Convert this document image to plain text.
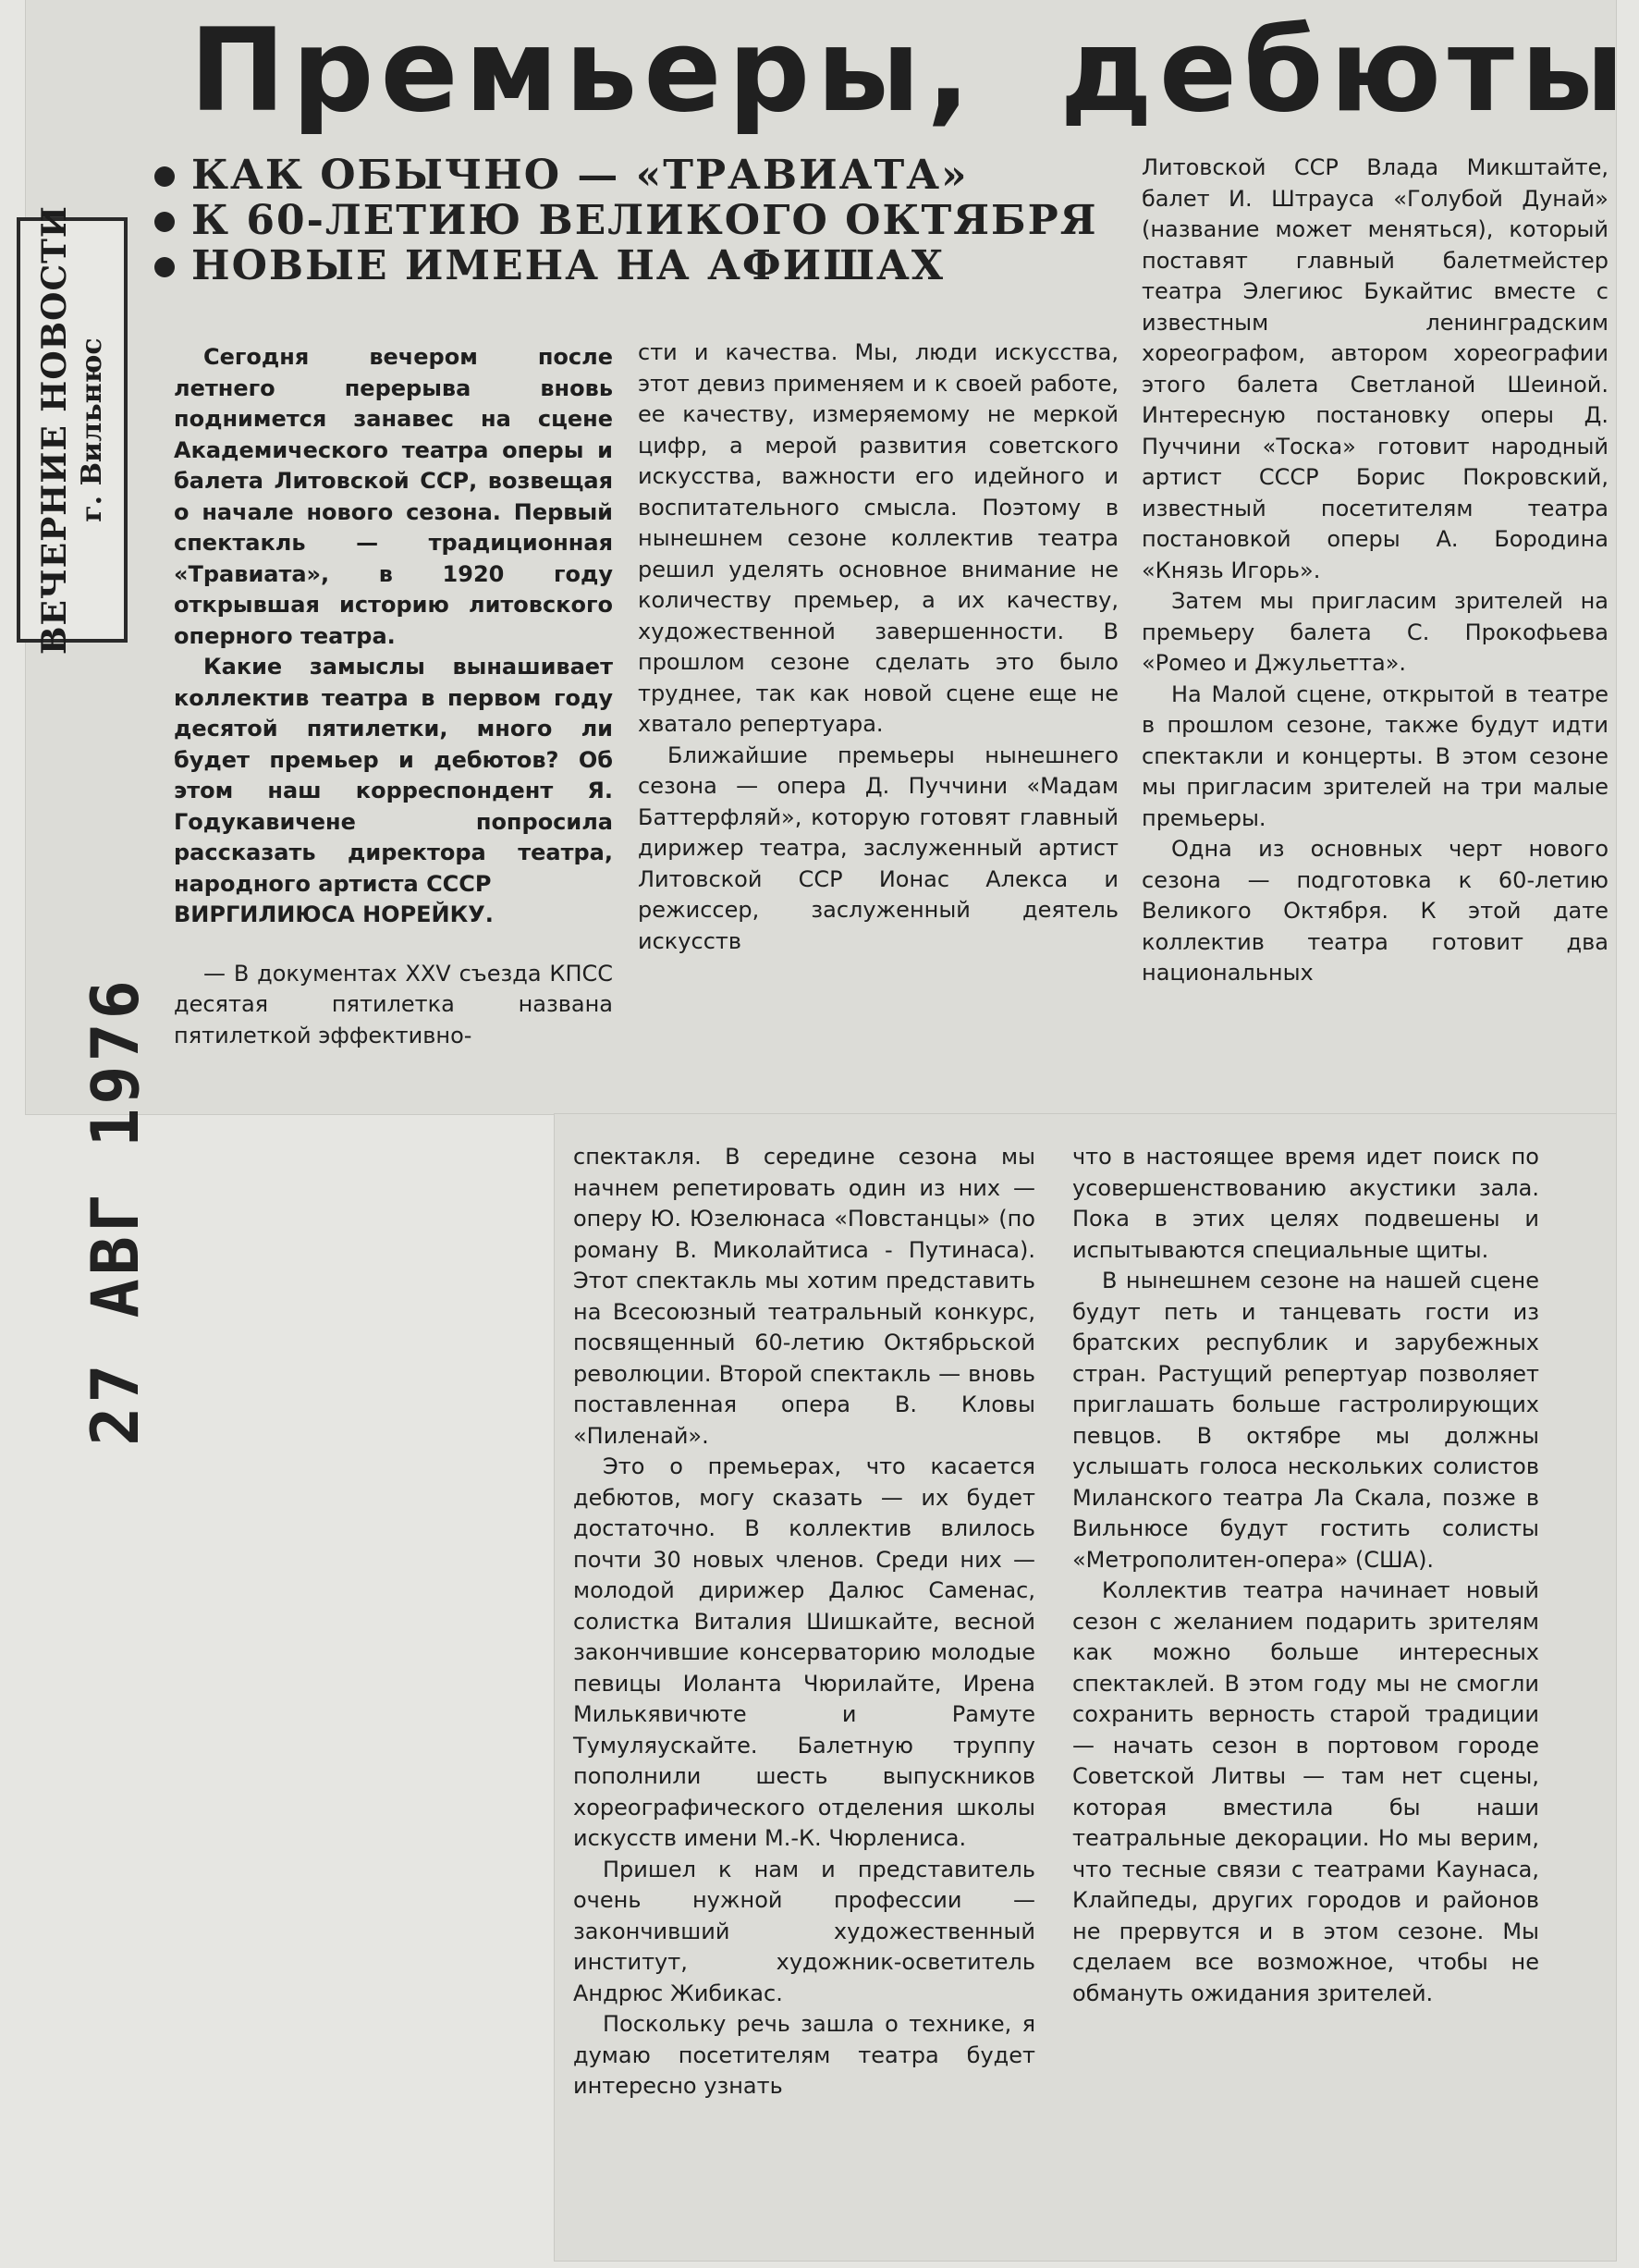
Премьеры, дебюты
КАК ОБЫЧНО — «ТРАВИАТА»
К 60-ЛЕТИЮ ВЕЛИКОГО ОКТЯБРЯ
НОВЫЕ ИМЕНА НА АФИШАХ
ВЕЧЕРНИЕ НОВОСТИ г. Вильнюс
27 АВГ 1976

Сегодня вечером после летнего перерыва вновь поднимется занавес на сцене Академического театра оперы и балета Литовской ССР, возвещая о начале нового сезона. Первый спектакль — традиционная «Травиата», в 1920 году открывшая историю литовского оперного театра.

Какие замыслы вынашивает коллектив театра в первом году десятой пятилетки, много ли будет премьер и дебютов? Об этом наш корреспондент Я. Годукавичене попросила рассказать директора театра, народного артиста СССР

ВИРГИЛИЮСА НОРЕЙКУ.

— В документах XXV съезда КПСС десятая пятилетка названа пятилеткой эффективно-

сти и качества. Мы, люди искусства, этот девиз применяем и к своей работе, ее качеству, измеряемому не меркой цифр, а мерой развития советского искусства, важности его идейного и воспитательного смысла. Поэтому в нынешнем сезоне коллектив театра решил уделять основное внимание не количеству премьер, а их качеству, художественной завершенности. В прошлом сезоне сделать это было труднее, так как новой сцене еще не хватало репертуара.

Ближайшие премьеры нынешнего сезона — опера Д. Пуччини «Мадам Баттерфляй», которую готовят главный дирижер театра, заслуженный артист Литовской ССР Ионас Алекса и режиссер, заслуженный деятель искусств

Литовской ССР Влада Микштайте, балет И. Штрауса «Голубой Дунай» (название может меняться), который поставят главный балетмейстер театра Элегиюс Букайтис вместе с известным ленинградским хореографом, автором хореографии этого балета Светланой Шеиной. Интересную постановку оперы Д. Пуччини «Тоска» готовит народный артист СССР Борис Покровский, известный посетителям театра постановкой оперы А. Бородина «Князь Игорь».

Затем мы пригласим зрителей на премьеру балета С. Прокофьева «Ромео и Джульетта».

На Малой сцене, открытой в театре в прошлом сезоне, также будут идти спектакли и концерты. В этом сезоне мы пригласим зрителей на три малые премьеры.

Одна из основных черт нового сезона — подготовка к 60-летию Великого Октября. К этой дате коллектив театра готовит два национальных

спектакля. В середине сезона мы начнем репетировать один из них — оперу Ю. Юзелюнаса «Повстанцы» (по роману В. Миколайтиса - Путинаса). Этот спектакль мы хотим представить на Всесоюзный театральный конкурс, посвященный 60-летию Октябрьской революции. Второй спектакль — вновь поставленная опера В. Кловы «Пиленай».

Это о премьерах, что касается дебютов, могу сказать — их будет достаточно. В коллектив влилось почти 30 новых членов. Среди них — молодой дирижер Далюс Саменас, солистка Виталия Шишкайте, весной закончившие консерваторию молодые певицы Иоланта Чюрилайте, Ирена Милькявичюте и Рамуте Тумуляускайте. Балетную труппу пополнили шесть выпускников хореографического отделения школы искусств имени М.-К. Чюрлениса.

Пришел к нам и представитель очень нужной профессии — закончивший художественный институт, художник-осветитель Андрюс Жибикас.

Поскольку речь зашла о технике, я думаю посетителям театра будет интересно узнать

что в настоящее время идет поиск по усовершенствованию акустики зала. Пока в этих целях подвешены и испытываются специальные щиты.

В нынешнем сезоне на нашей сцене будут петь и танцевать гости из братских республик и зарубежных стран. Растущий репертуар позволяет приглашать больше гастролирующих певцов. В октябре мы должны услышать голоса нескольких солистов Миланского театра Ла Скала, позже в Вильнюсе будут гостить солисты «Метрополитен-опера» (США).

Коллектив театра начинает новый сезон с желанием подарить зрителям как можно больше интересных спектаклей. В этом году мы не смогли сохранить верность старой традиции — начать сезон в портовом городе Советской Литвы — там нет сцены, которая вместила бы наши театральные декорации. Но мы верим, что тесные связи с театрами Каунаса, Клайпеды, других городов и районов не прервутся и в этом сезоне. Мы сделаем все возможное, чтобы не обмануть ожидания зрителей.
